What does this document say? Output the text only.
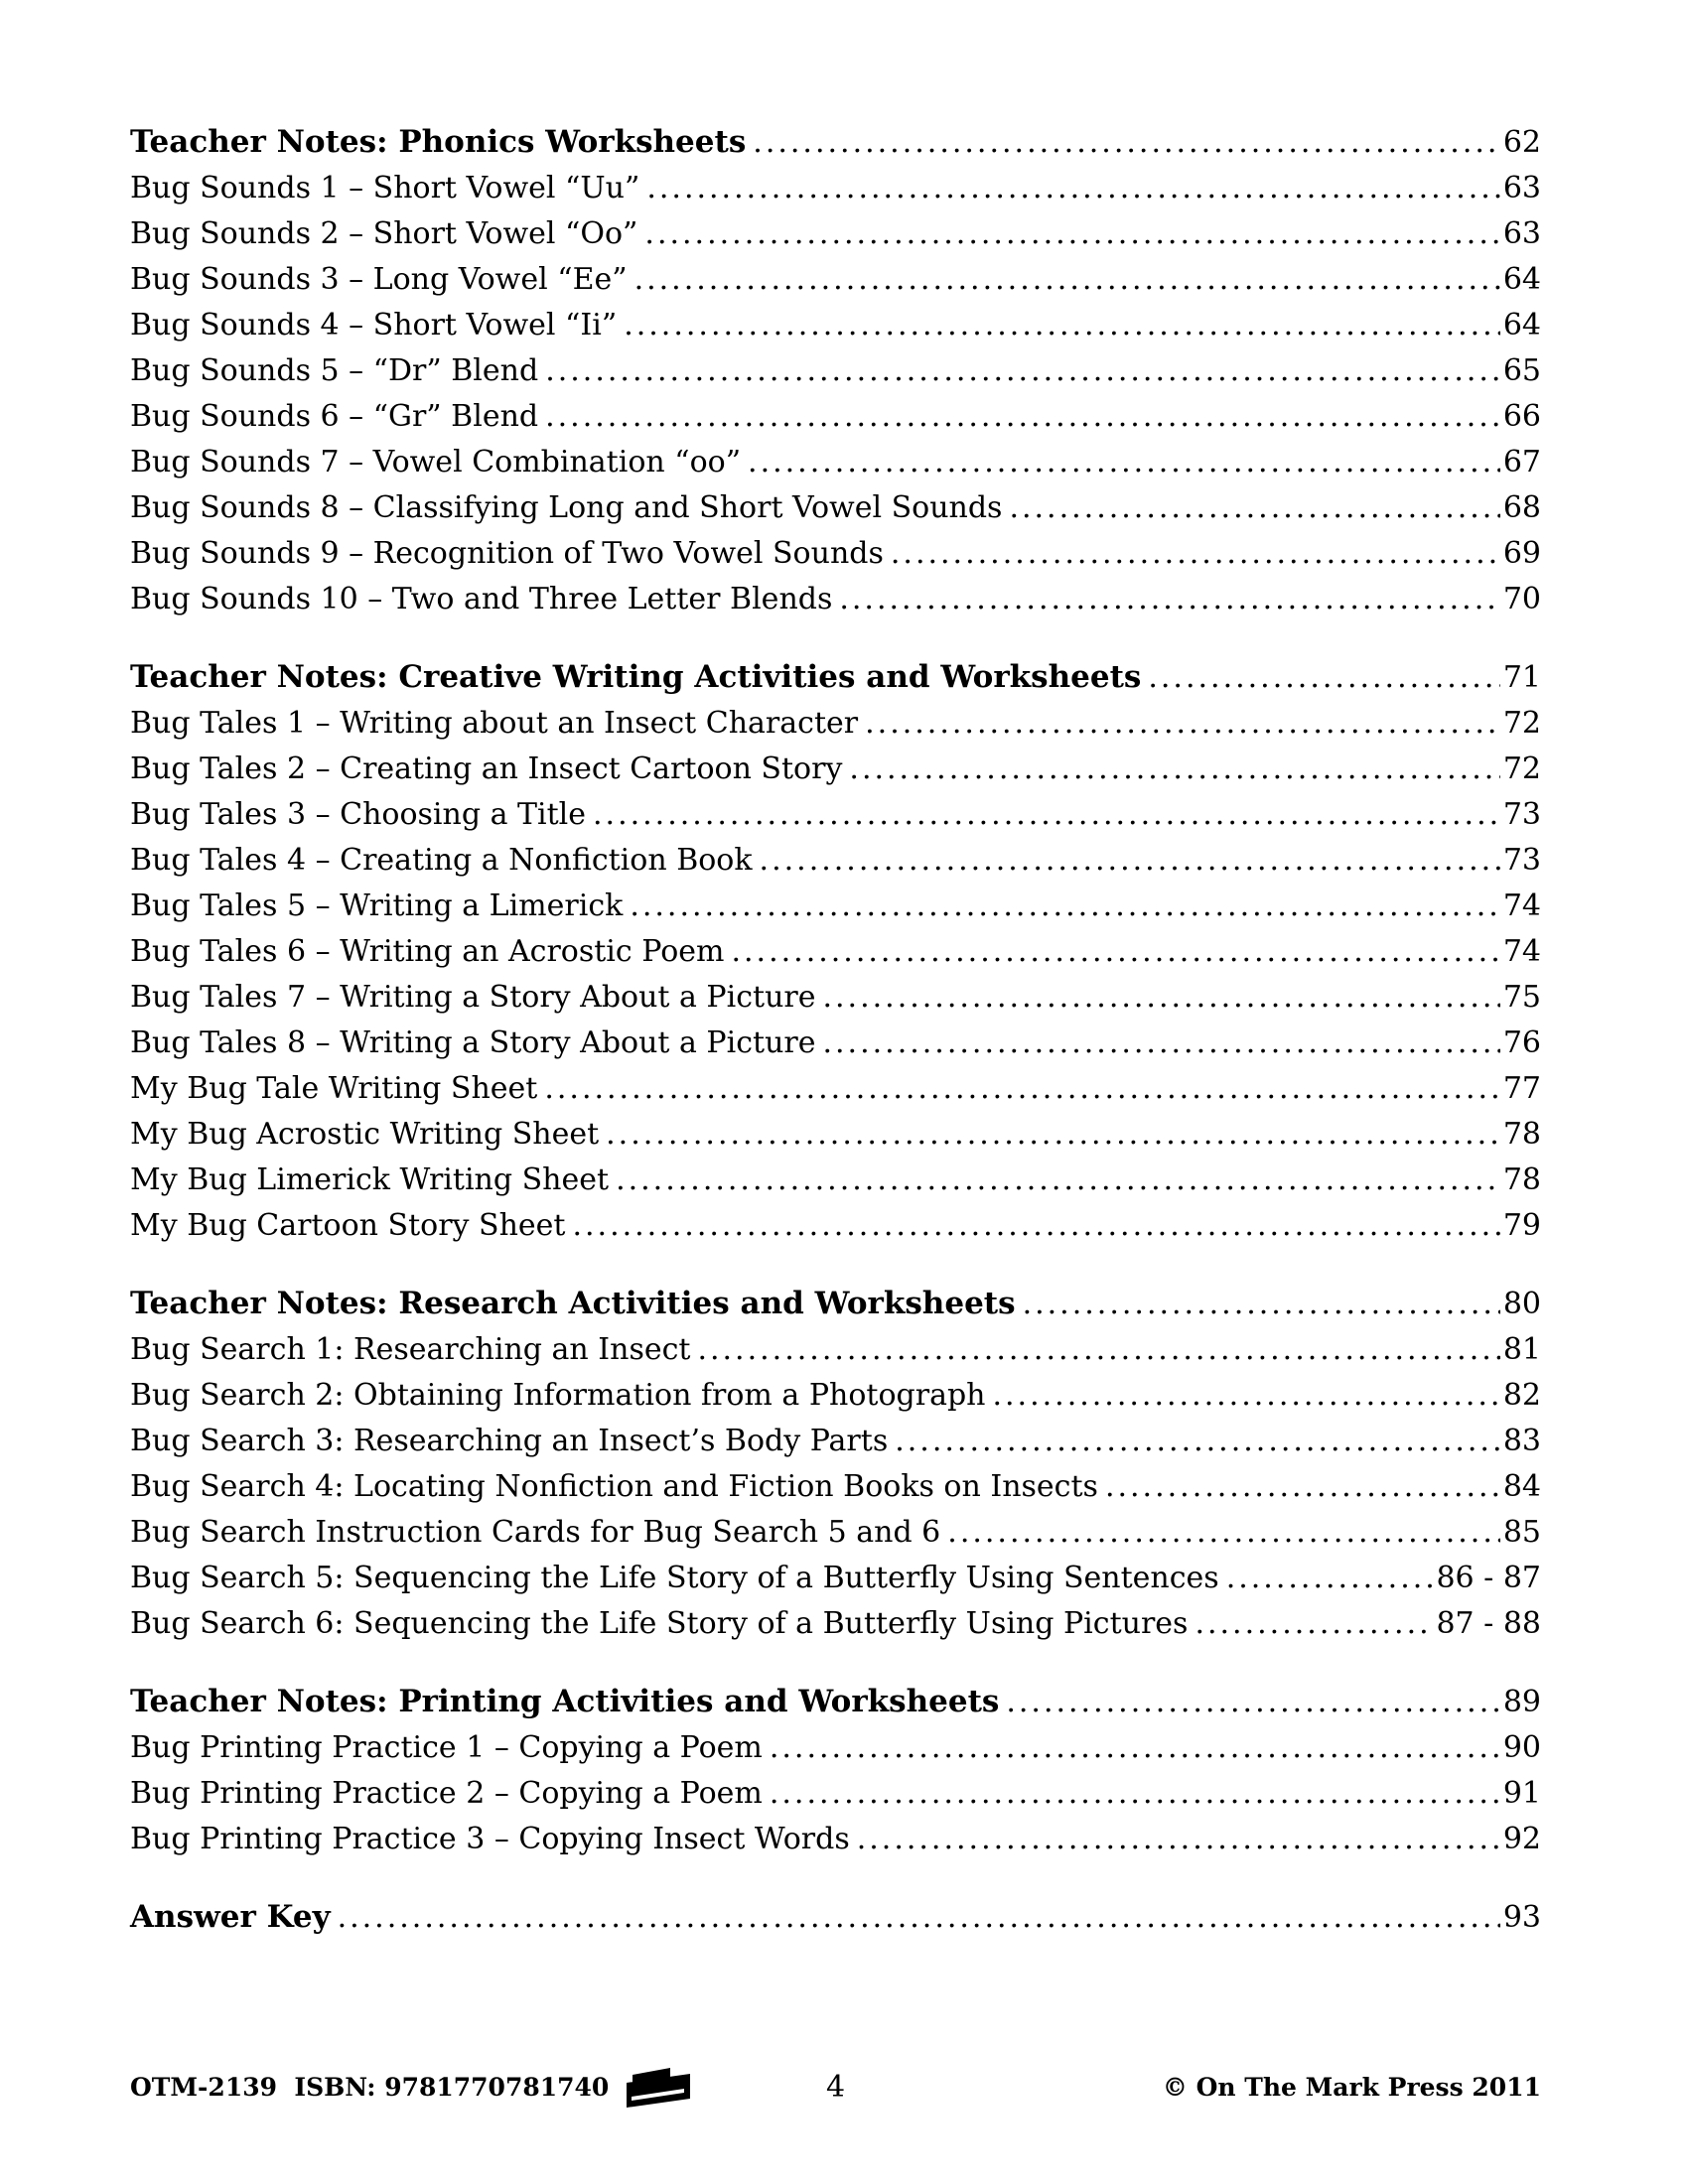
Teacher Notes: Phonics Worksheets .....	62
Bug Sounds 1 – Short Vowel “Uu” .....	63
Bug Sounds 2 – Short Vowel “Oo” .....	63
Bug Sounds 3 – Long Vowel “Ee” .....	64
Bug Sounds 4 – Short Vowel “Ii” .....	64
Bug Sounds 5 – “Dr” Blend .....	65
Bug Sounds 6 – “Gr” Blend .....	66
Bug Sounds 7 – Vowel Combination “oo” .....	67
Bug Sounds 8 – Classifying Long and Short Vowel Sounds .....	68
Bug Sounds 9 – Recognition of Two Vowel Sounds .....	69
Bug Sounds 10 – Two and Three Letter Blends .....	70
Teacher Notes: Creative Writing Activities and Worksheets .....	71
Bug Tales 1 – Writing about an Insect Character .....	72
Bug Tales 2 – Creating an Insect Cartoon Story .....	72
Bug Tales 3 – Choosing a Title .....	73
Bug Tales 4 – Creating a Nonfiction Book .....	73
Bug Tales 5 – Writing a Limerick .....	74
Bug Tales 6 – Writing an Acrostic Poem .....	74
Bug Tales 7 – Writing a Story About a Picture .....	75
Bug Tales 8 – Writing a Story About a Picture .....	76
My Bug Tale Writing Sheet .....	77
My Bug Acrostic Writing Sheet .....	78
My Bug Limerick Writing Sheet .....	78
My Bug Cartoon Story Sheet .....	79
Teacher Notes: Research Activities and Worksheets .....	80
Bug Search 1: Researching an Insect .....	81
Bug Search 2: Obtaining Information from a Photograph .....	82
Bug Search 3: Researching an Insect’s Body Parts .....	83
Bug Search 4: Locating Nonfiction and Fiction Books on Insects .....	84
Bug Search Instruction Cards for Bug Search 5 and 6 .....	85
Bug Search 5: Sequencing the Life Story of a Butterfly Using Sentences .....	86 - 87
Bug Search 6: Sequencing the Life Story of a Butterfly Using Pictures .....	87 - 88
Teacher Notes: Printing Activities and Worksheets .....	89
Bug Printing Practice 1 – Copying a Poem .....	90
Bug Printing Practice 2 – Copying a Poem .....	91
Bug Printing Practice 3 – Copying Insect Words .....	92
Answer Key .....	93
OTM-2139  ISBN: 9781770781740	4	© On The Mark Press 2011
